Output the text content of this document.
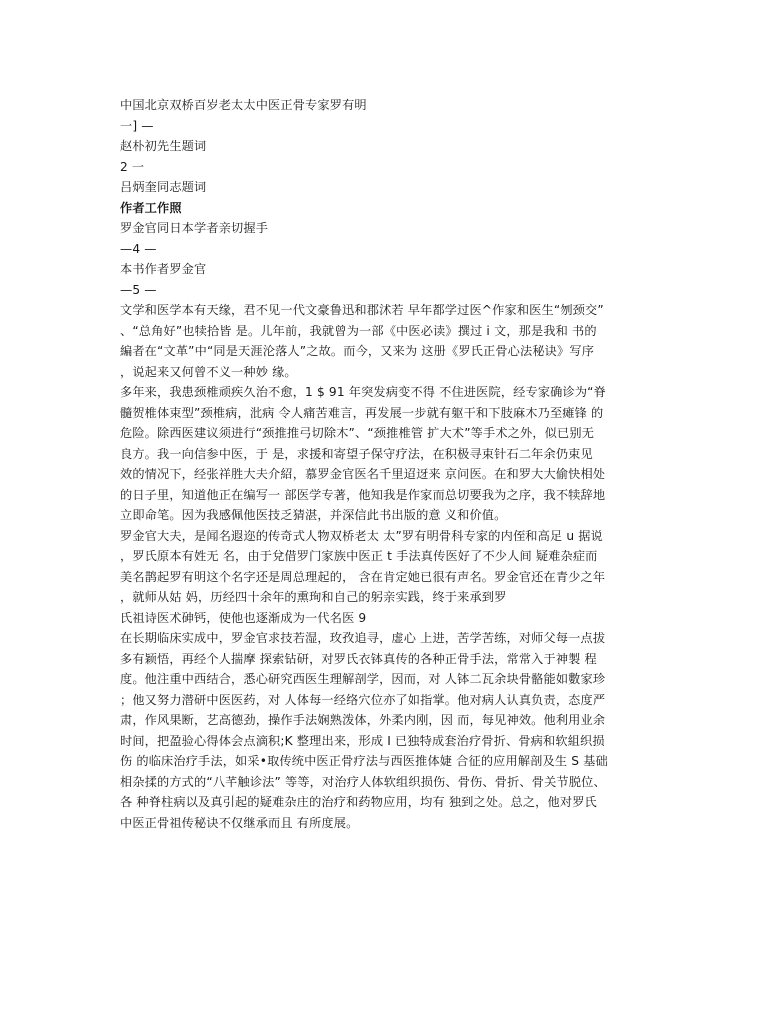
中国北京双桥百岁老太太中医正骨专家罗有明
一] —
赵朴初先生题词
2 一
吕炳奎同志题词
作者工作照
罗金官同日本学者亲切握手
—4 —
本书作者罗金官
—5 —
文学和医学本有天缘，君不见一代文豪鲁迅和郡沭若 早年都学过医^作家和医生“刎颈交”
、“总角好”也犊拾皆 是。儿年前，我就曾为一部《中医必读》撰过 i 文，那是我和 书的
編者在“文革”中“同是天涯沦落人”之故。而今，又来为 这册《罗氏正骨心法秘诀》写序
，说起来又何曾不义一种妙 缘。
多年来，我患颈椎顽疾久治不愈，1 $ 91 年突发病变不得 不住进医院，经专家确诊为“脊
髓贺椎体束型”颈椎病，沘病 令人痛苦难言，再发展一步就有躯干和下肢麻木乃至瘫锋 的
危险。除西医建议须进行“颈推推弓切除木”、“颈推椎管 扩大术”等手术之外，似已别无
良方。我一向信参中医，于 是，求援和寄望子保守疗法，在积极寻束针石二年余仍束见
效的情况下，经张祥胜大夫介紹，慕罗金官医名千里迢迓来 京问医。在和罗大大偷快相处
的日子里，知道他正在编写一 部医学专著，他知我是作家而总切要我为之序，我不犊辞地
立即命笔。因为我感佩他医技乏猜湛，并深信此书出版的意 义和价值。
罗金官大夫，是闻名遐迩的传奇式人物双桥老太 太”罗有明骨科专家的内侄和高足 u 据说
，罗氏原本有姓无 名，由于兌借罗门家族中医正 t 手法真传医好了不少人间 疑难杂症而
美名鹊起罗有明这个名字还是周总理起的， 含在肯定她已很有声名。罗金官还在青少之年
，就师从姑 妈，历经四十余年的熏珣和自己的躬亲实践，终于来承到罗
氏祖诗医术砷钙，使他也逐渐成为一代名医 9
在长期临床实成中，罗金官求技若湿，玫孜追寻，虚心 上进，苦学苦练，对师父每一点拔
多有颖悟，再经个人揣摩 探索钻研，对罗氏衣钵真传的各种正骨手法，常常入于神製 程
度。他注重中西结合，悉心研究西医生理解剖学，因而，对 人钵二瓦余块骨骼能如數家珍
；他又努力潜研中医医药，对 人体每一经络穴位亦了如指掌。他对病人认真负责，态度严
肃，作风果断，艺高德劲，操作手法娴熟泼体，外柔内刚，因 而，每见神效。他利用业余
时间，把盈验心得体会点滴积;K 整理出来，形成 I 已独特成套治疗骨折、骨病和软組织损
伤 的临床治疗手法，如采•取传统中医正骨疗法与西医推体婕 合征的应用解剖及生 S 基础
相杂揉的方式的“八芊触诊法” 等等，对治疗人体软组织损伤、骨伤、骨折、骨关节脱位、
各 种脊柱病以及真引起的疑难杂庄的治疗和药物应用，均有 独到之处。总之，他对罗氏
中医正骨祖传秘诀不仅继承而且 有所度展。
